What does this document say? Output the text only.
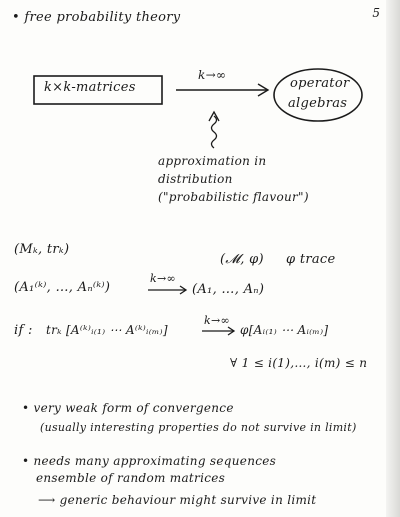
5
• free probability theory
k×k-matrices
k→∞
operator
algebras
approximation in
distribution
("probabilistic flavour")
(Mₖ, trₖ)
(𝓜, φ) φ trace
(A₁⁽ᵏ⁾, …, Aₙ⁽ᵏ⁾)
k→∞
(A₁, …, Aₙ)
if : trₖ [A⁽ᵏ⁾ᵢ₍₁₎ ⋯ A⁽ᵏ⁾ᵢ₍ₘ₎]
k→∞
φ[Aᵢ₍₁₎ ⋯ Aᵢ₍ₘ₎]
∀ 1 ≤ i(1),…, i(m) ≤ n
• very weak form of convergence
(usually interesting properties do not survive in limit)
• needs many approximating sequences
ensemble of random matrices
⟶ generic behaviour might survive in limit
